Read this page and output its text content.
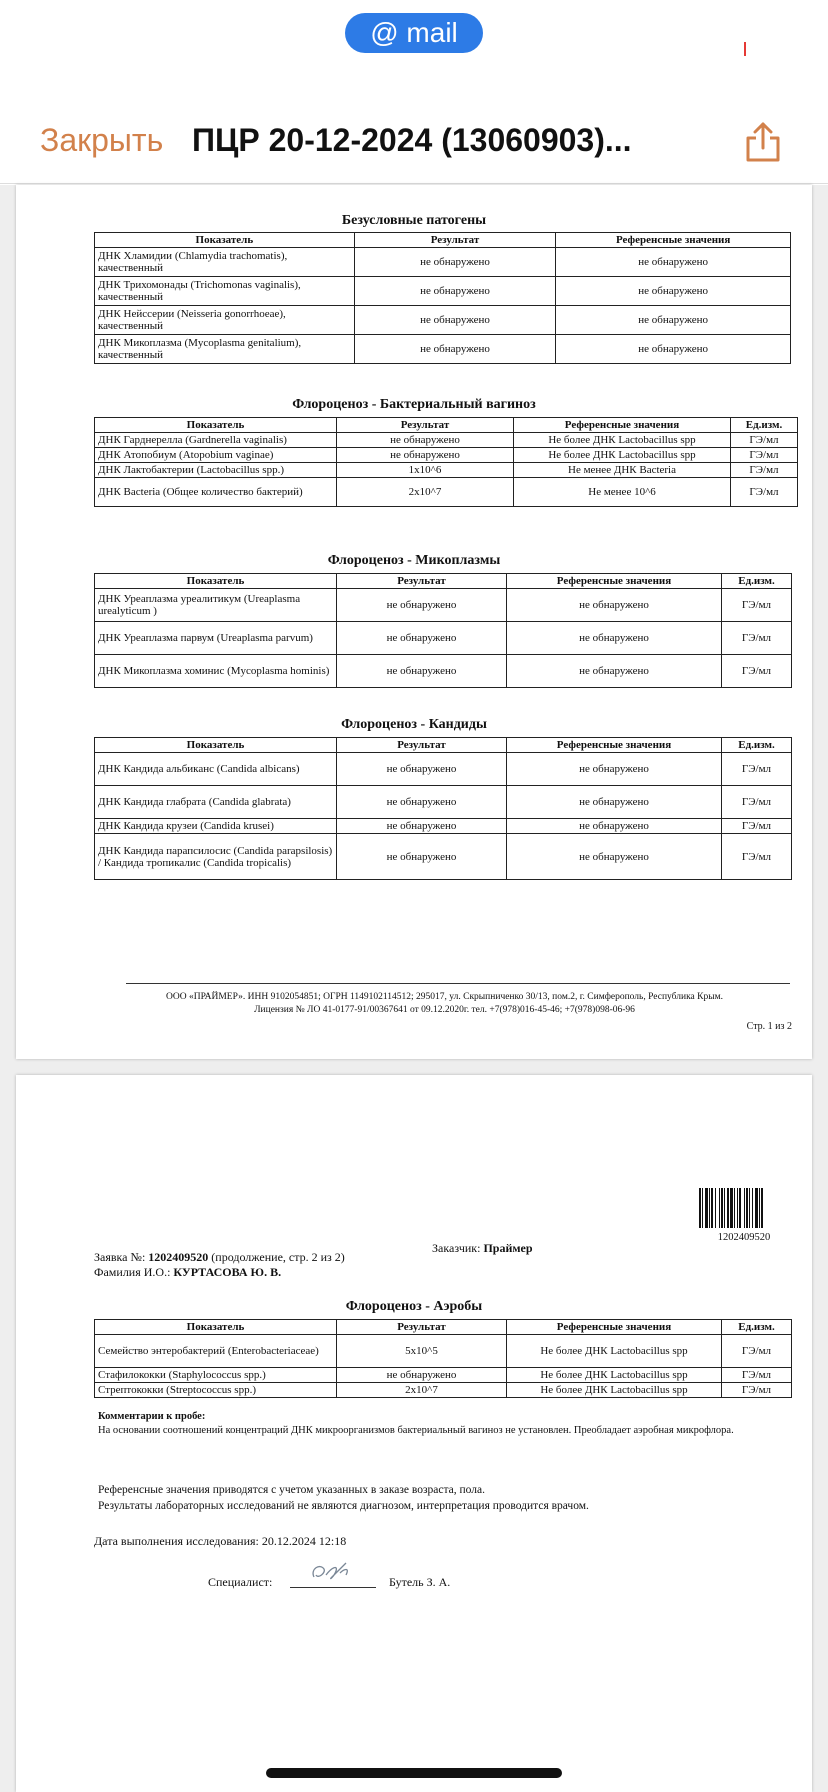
@ mail
Закрыть ПЦР 20-12-2024 (13060903)...
Безусловные патогены
Показатель	Результат	Референсные значения
ДНК Хламидии (Chlamydia trachomatis), качественный	не обнаружено	не обнаружено
ДНК Трихомонады (Trichomonas vaginalis), качественный	не обнаружено	не обнаружено
ДНК Нейссерии (Neisseria gonorrhoeae), качественный	не обнаружено	не обнаружено
ДНК Микоплазма (Mycoplasma genitalium), качественный	не обнаружено	не обнаружено
Флороценоз - Бактериальный вагиноз
Показатель	Результат	Референсные значения	Ед.изм.
ДНК Гарднерелла (Gardnerella vaginalis)	не обнаружено	Не более ДНК Lactobacillus spp	ГЭ/мл
ДНК Атопобиум (Atopobium vaginae)	не обнаружено	Не более ДНК Lactobacillus spp	ГЭ/мл
ДНК Лактобактерии (Lactobacillus spp.)	1x10^6	Не менее ДНК Bacteria	ГЭ/мл
ДНК Bacteria (Общее количество бактерий)	2x10^7	Не менее 10^6	ГЭ/мл
Флороценоз - Микоплазмы
Показатель	Результат	Референсные значения	Ед.изм.
ДНК Уреаплазма уреалитикум (Ureaplasma urealyticum )	не обнаружено	не обнаружено	ГЭ/мл
ДНК Уреаплазма парвум (Ureaplasma parvum)	не обнаружено	не обнаружено	ГЭ/мл
ДНК Микоплазма хоминис (Mycoplasma hominis)	не обнаружено	не обнаружено	ГЭ/мл
Флороценоз - Кандиды
Показатель	Результат	Референсные значения	Ед.изм.
ДНК Кандида альбиканс (Candida albicans)	не обнаружено	не обнаружено	ГЭ/мл
ДНК Кандида глабрата (Candida glabrata)	не обнаружено	не обнаружено	ГЭ/мл
ДНК Кандида крузеи (Candida krusei)	не обнаружено	не обнаружено	ГЭ/мл
ДНК Кандида парапсилосис (Candida parapsilosis) / Кандида тропикалис (Candida tropicalis)	не обнаружено	не обнаружено	ГЭ/мл
ООО «ПРАЙМЕР». ИНН 9102054851; ОГРН 1149102114512; 295017, ул. Скрыпниченко 30/13, пом.2, г. Симферополь, Республика Крым.
Лицензия № ЛО 41-0177-91/00367641 от 09.12.2020г. тел. +7(978)016-45-46; +7(978)098-06-96
Стр. 1 из 2
1202409520
Заявка №: 1202409520 (продолжение, стр. 2 из 2)
Заказчик: Праймер
Фамилия И.О.: КУРТАСОВА Ю. В.
Флороценоз - Аэробы
Показатель	Результат	Референсные значения	Ед.изм.
Семейство энтеробактерий (Enterobacteriaceae)	5x10^5	Не более ДНК Lactobacillus spp	ГЭ/мл
Стафилококки (Staphylococcus spp.)	не обнаружено	Не более ДНК Lactobacillus spp	ГЭ/мл
Стрептококки (Streptococcus spp.)	2x10^7	Не более ДНК Lactobacillus spp	ГЭ/мл
Комментарии к пробе:
На основании соотношений концентраций ДНК микроорганизмов бактериальный вагиноз не установлен. Преобладает аэробная микрофлора.
Референсные значения приводятся с учетом указанных в заказе возраста, пола.
Результаты лабораторных исследований не являются диагнозом, интерпретация проводится врачом.
Дата выполнения исследования: 20.12.2024 12:18
Специалист:	Бутель З. А.
